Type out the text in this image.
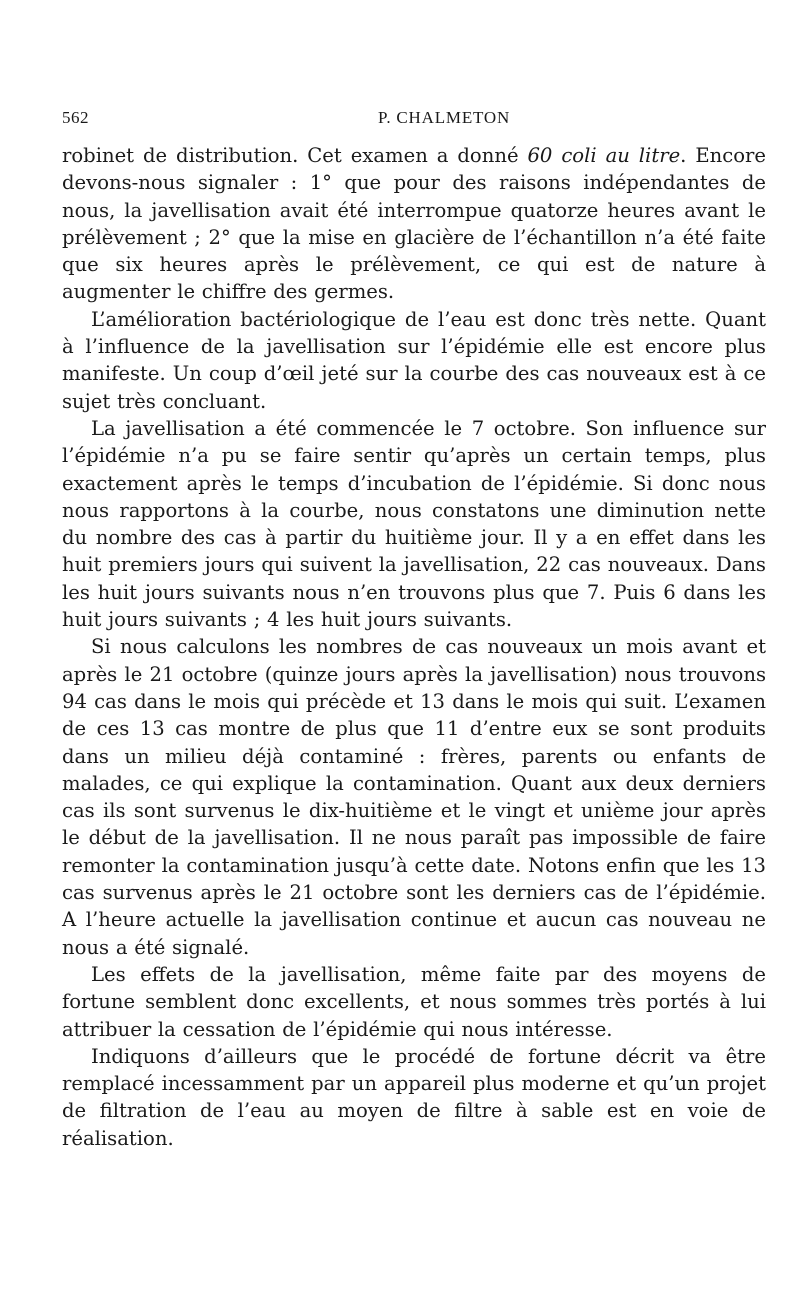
562	P. CHALMETON

robinet de distribution. Cet examen a donné 60 coli au litre. Encore devons-nous signaler : 1° que pour des raisons indépendantes de nous, la javellisation avait été interrompue quatorze heures avant le prélèvement ; 2° que la mise en glacière de l’échantillon n’a été faite que six heures après le prélèvement, ce qui est de nature à augmenter le chiffre des germes.

L’amélioration bactériologique de l’eau est donc très nette. Quant à l’influence de la javellisation sur l’épidémie elle est encore plus manifeste. Un coup d’œil jeté sur la courbe des cas nouveaux est à ce sujet très concluant.

La javellisation a été commencée le 7 octobre. Son influence sur l’épidémie n’a pu se faire sentir qu’après un certain temps, plus exactement après le temps d’incubation de l’épidémie. Si donc nous nous rapportons à la courbe, nous constatons une diminution nette du nombre des cas à partir du huitième jour. Il y a en effet dans les huit premiers jours qui suivent la javellisation, 22 cas nouveaux. Dans les huit jours suivants nous n’en trouvons plus que 7. Puis 6 dans les huit jours suivants ; 4 les huit jours suivants.

Si nous calculons les nombres de cas nouveaux un mois avant et après le 21 octobre (quinze jours après la javellisation) nous trouvons 94 cas dans le mois qui précède et 13 dans le mois qui suit. L’examen de ces 13 cas montre de plus que 11 d’entre eux se sont produits dans un milieu déjà contaminé : frères, parents ou enfants de malades, ce qui explique la contamination. Quant aux deux derniers cas ils sont survenus le dix-huitième et le vingt et unième jour après le début de la javellisation. Il ne nous paraît pas impossible de faire remonter la contamination jusqu’à cette date. Notons enfin que les 13 cas survenus après le 21 octobre sont les derniers cas de l’épidémie. A l’heure actuelle la javellisation continue et aucun cas nouveau ne nous a été signalé.

Les effets de la javellisation, même faite par des moyens de fortune semblent donc excellents, et nous sommes très portés à lui attribuer la cessation de l’épidémie qui nous intéresse.

Indiquons d’ailleurs que le procédé de fortune décrit va être remplacé incessamment par un appareil plus moderne et qu’un projet de filtration de l’eau au moyen de filtre à sable est en voie de réalisation.
